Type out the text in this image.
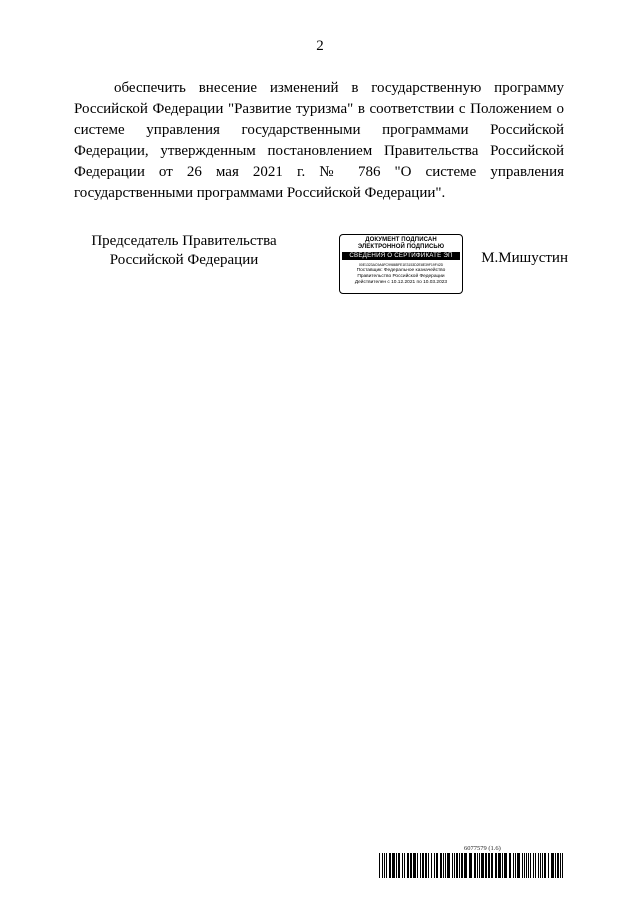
2

обеспечить внесение изменений в государственную программу Российской Федерации "Развитие туризма" в соответствии с Положением о системе управления государственными программами Российской Федерации, утвержденным постановлением Правительства Российской Федерации от 26 мая 2021 г. № 786 "О системе управления государственными программами Российской Федерации".

Председатель Правительства
Российской Федерации
ДОКУМЕНТ ПОДПИСАН
ЭЛЕКТРОННОЙ ПОДПИСЬЮ
СВЕДЕНИЯ О СЕРТИФИКАТЕ ЭП
00E1323AC9A6FC9986BFE1E3153D2E8E39F19F42D
Поставщик: Федеральное казначейство
Правительство Российской Федерации
Действителен с 10.12.2021 по 10.03.2023
М.Мишустин
6077579 (1.6)
